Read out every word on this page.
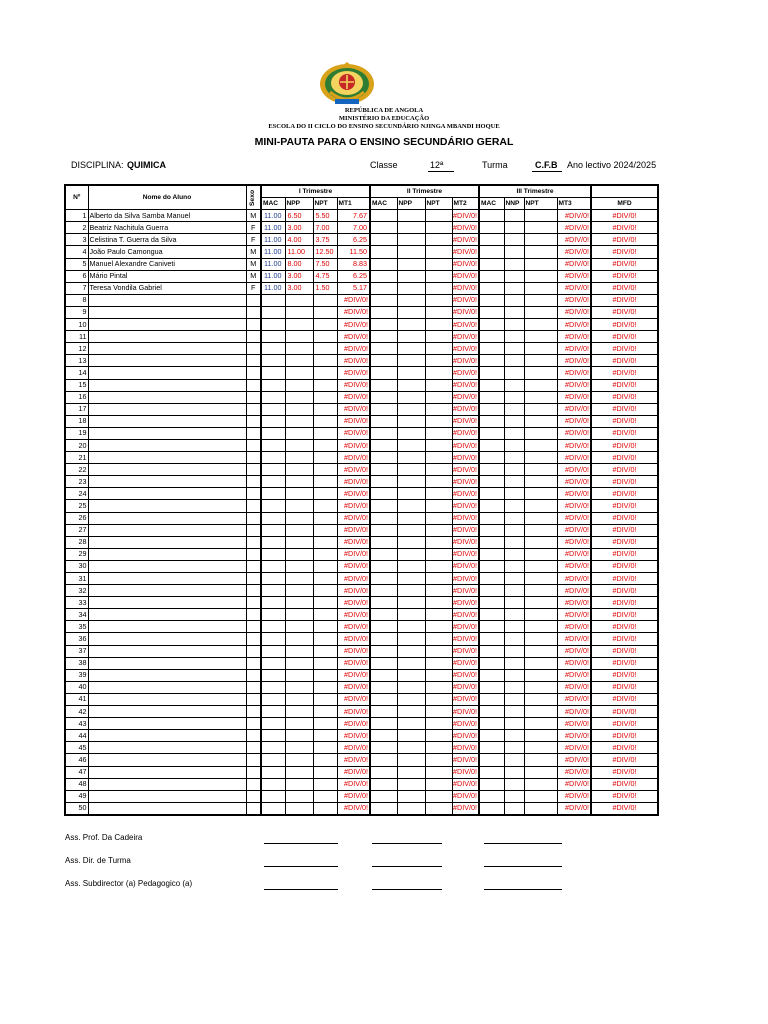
REPÚBLICA DE ANGOLA
MINISTÉRIO DA EDUCAÇÃO
ESCOLA DO II CICLO DO ENSINO SECUNDÁRIO NJINGA MBANDI HOQUE
MINI-PAUTA PARA O ENSINO SECUNDÁRIO GERAL
DISCIPLINA: QUIMICA	Classe	12ª	Turma	C.F.B Ano lectivo 2024/2025
Nº	Nome do Aluno	Sexo	I Trimestre				II Trimestre				III Trimestre				
			MAC	NPP	NPT	MT1	MAC	NPP	NPT	MT2	MAC	NNP	NPT	MT3	MFD
1	Alberto da Silva Samba Manuel	M	11.00	6.50	5.50	7.67				#DIV/0!				#DIV/0!	#DIV/0!
2	Beatriz Nachitula Guerra	F	11.00	3.00	7.00	7.00				#DIV/0!				#DIV/0!	#DIV/0!
3	Celistina T. Guerra da Silva	F	11.00	4.00	3.75	6.25				#DIV/0!				#DIV/0!	#DIV/0!
4	João Paulo Camongua	M	11.00	11.00	12.50	11.50				#DIV/0!				#DIV/0!	#DIV/0!
5	Manuel Alexandre Caniveti	M	11.00	8.00	7.50	8.83				#DIV/0!				#DIV/0!	#DIV/0!
6	Mário Pintal	M	11.00	3.00	4.75	6.25				#DIV/0!				#DIV/0!	#DIV/0!
7	Teresa Vondila Gabriel	F	11.00	3.00	1.50	5.17				#DIV/0!				#DIV/0!	#DIV/0!
8						#DIV/0!				#DIV/0!				#DIV/0!	#DIV/0!
9						#DIV/0!				#DIV/0!				#DIV/0!	#DIV/0!
10						#DIV/0!				#DIV/0!				#DIV/0!	#DIV/0!
11						#DIV/0!				#DIV/0!				#DIV/0!	#DIV/0!
12						#DIV/0!				#DIV/0!				#DIV/0!	#DIV/0!
13						#DIV/0!				#DIV/0!				#DIV/0!	#DIV/0!
14						#DIV/0!				#DIV/0!				#DIV/0!	#DIV/0!
15						#DIV/0!				#DIV/0!				#DIV/0!	#DIV/0!
16						#DIV/0!				#DIV/0!				#DIV/0!	#DIV/0!
17						#DIV/0!				#DIV/0!				#DIV/0!	#DIV/0!
18						#DIV/0!				#DIV/0!				#DIV/0!	#DIV/0!
19						#DIV/0!				#DIV/0!				#DIV/0!	#DIV/0!
20						#DIV/0!				#DIV/0!				#DIV/0!	#DIV/0!
21						#DIV/0!				#DIV/0!				#DIV/0!	#DIV/0!
22						#DIV/0!				#DIV/0!				#DIV/0!	#DIV/0!
23						#DIV/0!				#DIV/0!				#DIV/0!	#DIV/0!
24						#DIV/0!				#DIV/0!				#DIV/0!	#DIV/0!
25						#DIV/0!				#DIV/0!				#DIV/0!	#DIV/0!
26						#DIV/0!				#DIV/0!				#DIV/0!	#DIV/0!
27						#DIV/0!				#DIV/0!				#DIV/0!	#DIV/0!
28						#DIV/0!				#DIV/0!				#DIV/0!	#DIV/0!
29						#DIV/0!				#DIV/0!				#DIV/0!	#DIV/0!
30						#DIV/0!				#DIV/0!				#DIV/0!	#DIV/0!
31						#DIV/0!				#DIV/0!				#DIV/0!	#DIV/0!
32						#DIV/0!				#DIV/0!				#DIV/0!	#DIV/0!
33						#DIV/0!				#DIV/0!				#DIV/0!	#DIV/0!
34						#DIV/0!				#DIV/0!				#DIV/0!	#DIV/0!
35						#DIV/0!				#DIV/0!				#DIV/0!	#DIV/0!
36						#DIV/0!				#DIV/0!				#DIV/0!	#DIV/0!
37						#DIV/0!				#DIV/0!				#DIV/0!	#DIV/0!
38						#DIV/0!				#DIV/0!				#DIV/0!	#DIV/0!
39						#DIV/0!				#DIV/0!				#DIV/0!	#DIV/0!
40						#DIV/0!				#DIV/0!				#DIV/0!	#DIV/0!
41						#DIV/0!				#DIV/0!				#DIV/0!	#DIV/0!
42						#DIV/0!				#DIV/0!				#DIV/0!	#DIV/0!
43						#DIV/0!				#DIV/0!				#DIV/0!	#DIV/0!
44						#DIV/0!				#DIV/0!				#DIV/0!	#DIV/0!
45						#DIV/0!				#DIV/0!				#DIV/0!	#DIV/0!
46						#DIV/0!				#DIV/0!				#DIV/0!	#DIV/0!
47						#DIV/0!				#DIV/0!				#DIV/0!	#DIV/0!
48						#DIV/0!				#DIV/0!				#DIV/0!	#DIV/0!
49						#DIV/0!				#DIV/0!				#DIV/0!	#DIV/0!
50						#DIV/0!				#DIV/0!				#DIV/0!	#DIV/0!
Ass. Prof. Da Cadeira
Ass. Dir. de Turma
Ass. Subdirector (a) Pedagogico (a)
